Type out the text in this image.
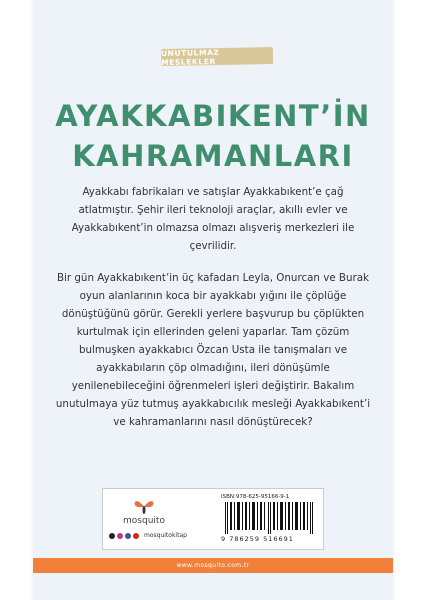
UNUTULMAZ MESLEKLER
AYAKKABIKENT’İN
KAHRAMANLARI
Ayakkabı fabrikaları ve satışlar Ayakkabıkent’e çağ atlatmıştır. Şehir ileri teknoloji araçlar, akıllı evler ve Ayakkabıkent’in olmazsa olmazı alışveriş merkezleri ile çevrilidir.
Bir gün Ayakkabıkent’in üç kafadarı Leyla, Onurcan ve Burak oyun alanlarının koca bir ayakkabı yığını ile çöplüğe dönüştüğünü görür. Gerekli yerlere başvurup bu çöplükten kurtulmak için ellerinden geleni yaparlar. Tam çözüm bulmuşken ayakkabıcı Özcan Usta ile tanışmaları ve ayakkabıların çöp olmadığını, ileri dönüşümle yenilenebileceğini öğrenmeleri işleri değiştirir. Bakalım unutulmaya yüz tutmuş ayakkabıcılık mesleği Ayakkabıkent’i ve kahramanlarını nasıl dönüştürecek?
mosquito
mosquitokitap
ISBN:978-625-95166-9-1
9 786259 516691
www.mosquito.com.tr
